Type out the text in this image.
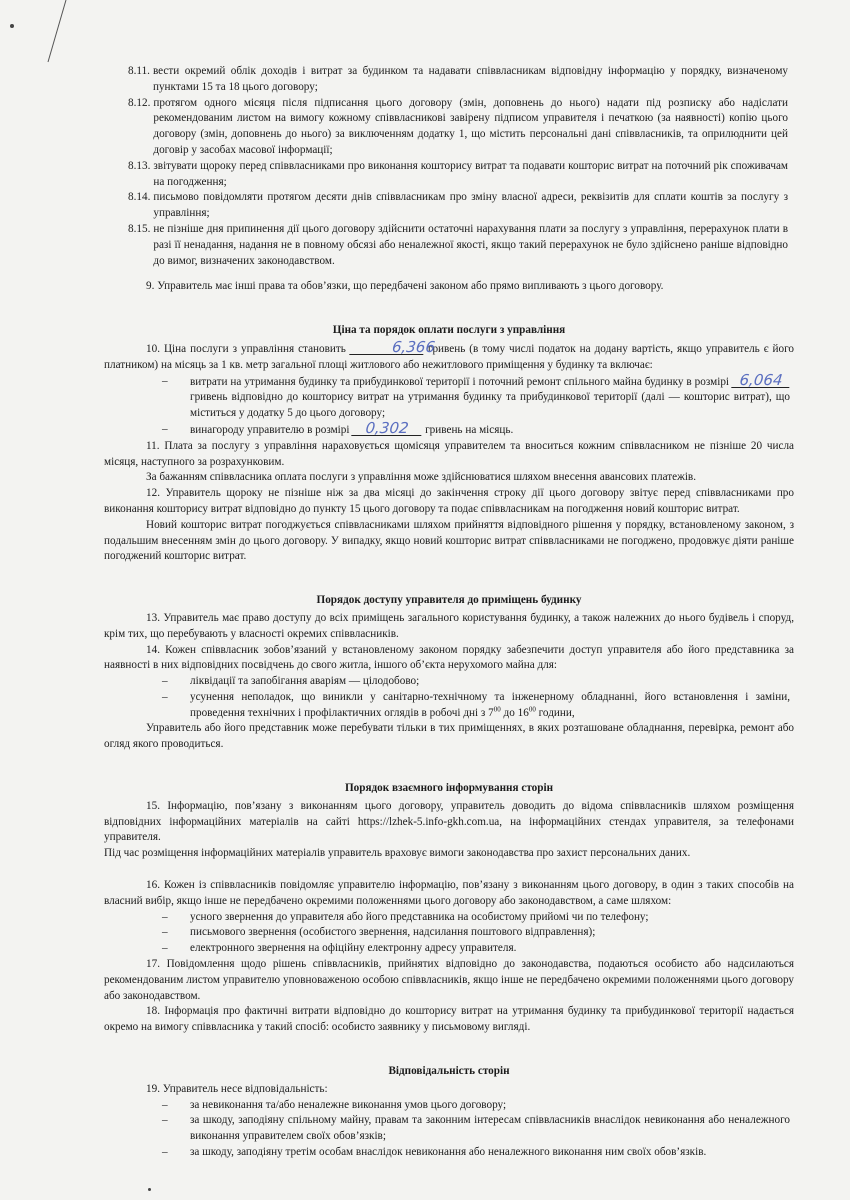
8.11. вести окремий облік доходів і витрат за будинком та надавати співвласникам відповідну інформацію у порядку, визначеному пунктами 15 та 18 цього договору;
8.12. протягом одного місяця після підписання цього договору (змін, доповнень до нього) надати під розписку або надіслати рекомендованим листом на вимогу кожному співвласникові завірену підписом управителя і печаткою (за наявності) копію цього договору (змін, доповнень до нього) за виключенням додатку 1, що містить персональні дані співвласників, та оприлюднити цей договір у засобах масової інформації;
8.13. звітувати щороку перед співвласниками про виконання кошторису витрат та подавати кошторис витрат на поточний рік споживачам на погодження;
8.14. письмово повідомляти протягом десяти днів співвласникам про зміну власної адреси, реквізитів для сплати коштів за послугу з управління;
8.15. не пізніше дня припинення дії цього договору здійснити остаточні нарахування плати за послугу з управління, перерахунок плати в разі її ненадання, надання не в повному обсязі або неналежної якості, якщо такий перерахунок не було здійснено раніше відповідно до вимог, визначених законодавством.

9. Управитель має інші права та обов’язки, що передбачені законом або прямо випливають з цього договору.

Ціна та порядок оплати послуги з управління

10. Ціна послуги з управління становить	6,366 гривень (в тому числі податок на додану вартість, якщо управитель є його платником) на місяць за 1 кв. метр загальної площі житлового або нежитлового приміщення у будинку та включає:

–	витрати на утримання будинку та прибудинкової території і поточний ремонт спільного майна будинку в розмірі 6,064 гривень відповідно до кошторису витрат на утримання будинку та прибудинкової території (далі — кошторис витрат), що міститься у додатку 5 до цього договору;
–	винагороду управителю в розмірі 0,302 гривень на місяць.

11. Плата за послугу з управління нараховується щомісяця управителем та вноситься кожним співвласником не пізніше 20 числа місяця, наступного за розрахунковим.

За бажанням співвласника оплата послуги з управління може здійснюватися шляхом внесення авансових платежів.

12. Управитель щороку не пізніше ніж за два місяці до закінчення строку дії цього договору звітує перед співвласниками про виконання кошторису витрат відповідно до пункту 15 цього договору та подає співвласникам на погодження новий кошторис витрат.

Новий кошторис витрат погоджується співвласниками шляхом прийняття відповідного рішення у порядку, встановленому законом, з подальшим внесенням змін до цього договору. У випадку, якщо новий кошторис витрат співвласниками не погоджено, продовжує діяти раніше погоджений кошторис витрат.

Порядок доступу управителя до приміщень будинку

13. Управитель має право доступу до всіх приміщень загального користування будинку, а також належних до нього будівель і споруд, крім тих, що перебувають у власності окремих співвласників.

14. Кожен співвласник зобов’язаний у встановленому законом порядку забезпечити доступ управителя або його представника за наявності в них відповідних посвідчень до свого житла, іншого об’єкта нерухомого майна для:

–	ліквідації та запобігання аваріям — цілодобово;
–	усунення неполадок, що виникли у санітарно-технічному та інженерному обладнанні, його встановлення і заміни, проведення технічних і профілактичних оглядів в робочі дні з $7^{00}$ до $16^{00}$ години,

Управитель або його представник може перебувати тільки в тих приміщеннях, в яких розташоване обладнання, перевірка, ремонт або огляд якого проводиться.

Порядок взаємного інформування сторін

15. Інформацію, пов’язану з виконанням цього договору, управитель доводить до відома співвласників шляхом розміщення відповідних інформаційних матеріалів на сайті https://lzhek-5.info-gkh.com.ua, на інформаційних стендах управителя, за телефонами управителя.

Під час розміщення інформаційних матеріалів управитель враховує вимоги законодавства про захист персональних даних.

16. Кожен із співвласників повідомляє управителю інформацію, пов’язану з виконанням цього договору, в один з таких способів на власний вибір, якщо інше не передбачено окремими положеннями цього договору або законодавством, а саме шляхом:

–	усного звернення до управителя або його представника на особистому прийомі чи по телефону;
–	письмового звернення (особистого звернення, надсилання поштового відправлення);
–	електронного звернення на офіційну електронну адресу управителя.

17. Повідомлення щодо рішень співвласників, прийнятих відповідно до законодавства, подаються особисто або надсилаються рекомендованим листом управителю уповноваженою особою співвласників, якщо інше не передбачено окремими положеннями цього договору або законодавством.

18. Інформація про фактичні витрати відповідно до кошторису витрат на утримання будинку та прибудинкової території надається окремо на вимогу співвласника у такий спосіб: особисто заявнику у письмовому вигляді.

Відповідальність сторін

19. Управитель несе відповідальність:

–	за невиконання та/або неналежне виконання умов цього договору;
–	за шкоду, заподіяну спільному майну, правам та законним інтересам співвласників внаслідок невиконання або неналежного виконання управителем своїх обов’язків;
–	за шкоду, заподіяну третім особам внаслідок невиконання або неналежного виконання ним своїх обов’язків.
